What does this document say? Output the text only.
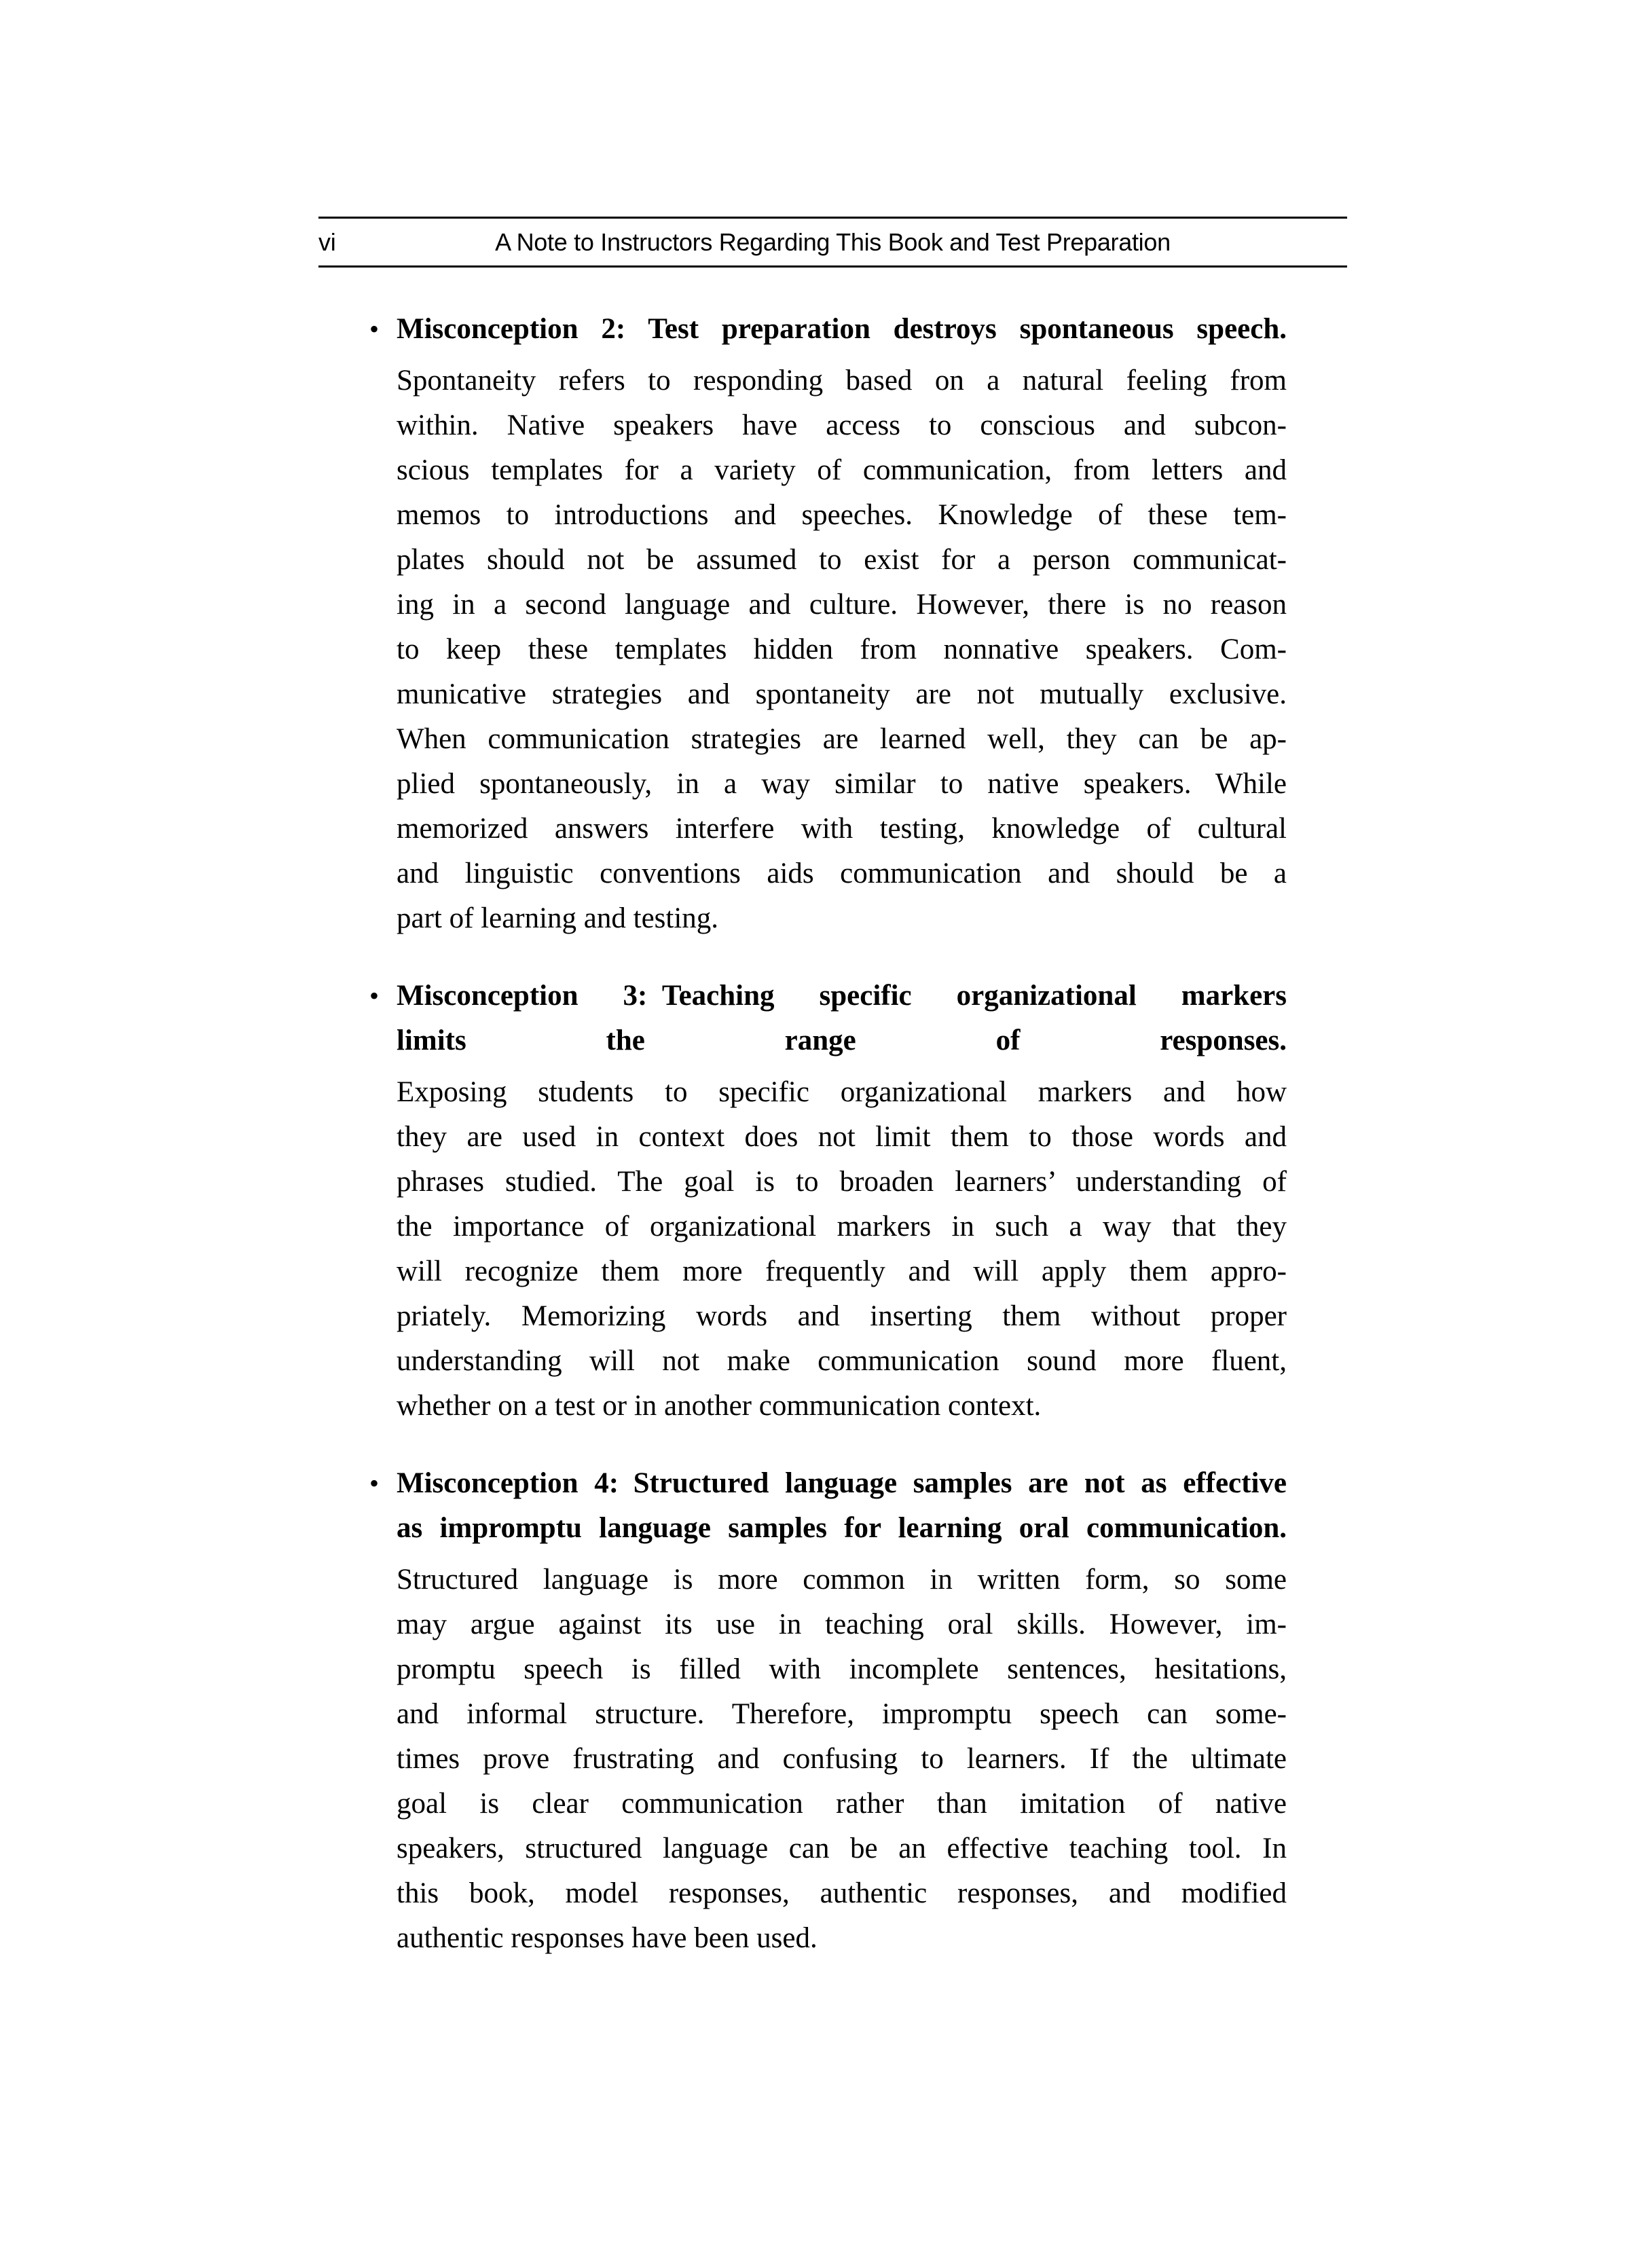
vi	A Note to Instructors Regarding This Book and Test Preparation
• Misconception 2: Test preparation destroys spontaneous speech.
Spontaneity refers to responding based on a natural feeling from
within. Native speakers have access to conscious and subcon-
scious templates for a variety of communication, from letters and
memos to introductions and speeches. Knowledge of these tem-
plates should not be assumed to exist for a person communicat-
ing in a second language and culture. However, there is no reason
to keep these templates hidden from nonnative speakers. Com-
municative strategies and spontaneity are not mutually exclusive.
When communication strategies are learned well, they can be ap-
plied spontaneously, in a way similar to native speakers. While
memorized answers interfere with testing, knowledge of cultural
and linguistic conventions aids communication and should be a
part of learning and testing.
• Misconception 3: Teaching specific organizational markers
limits the range of responses.
Exposing students to specific organizational markers and how
they are used in context does not limit them to those words and
phrases studied. The goal is to broaden learners’ understanding of
the importance of organizational markers in such a way that they
will recognize them more frequently and will apply them appro-
priately. Memorizing words and inserting them without proper
understanding will not make communication sound more fluent,
whether on a test or in another communication context.
• Misconception 4: Structured language samples are not as effective
as impromptu language samples for learning oral communication.
Structured language is more common in written form, so some
may argue against its use in teaching oral skills. However, im-
promptu speech is filled with incomplete sentences, hesitations,
and informal structure. Therefore, impromptu speech can some-
times prove frustrating and confusing to learners. If the ultimate
goal is clear communication rather than imitation of native
speakers, structured language can be an effective teaching tool. In
this book, model responses, authentic responses, and modified
authentic responses have been used.
